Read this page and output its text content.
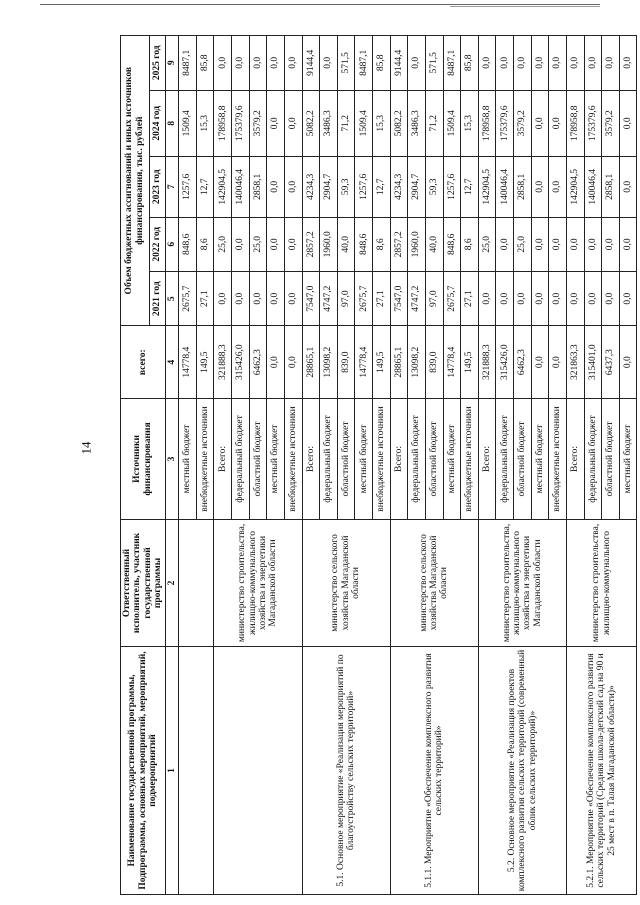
14
Наименование государственной программы, Подпрограммы, основных мероприятий, мероприятий, подмероприятий	Ответственный исполнитель, участник государственной программы	Источники финансирования	всего:	Объем бюджетных ассигнований и иных источников финансирования, тыс. рублей				
				2021 год	2022 год	2023 год	2024 год	2025 год
1	2	3	4	5	6	7	8	9
		местный бюджет	14778,4	2675,7	848,6	1257,6	1509,4	8487,1
		внебюджетные источники	149,5	27,1	8,6	12,7	15,3	85,8
	министерство строительства, жилищно-коммунального хозяйства и энергетики Магаданской области	Всего:	321888,3	0,0	25,0	142904,5	178958,8	0,0
		федеральный бюджет	315426,0	0,0	0,0	140046,4	175379,6	0,0
		областной бюджет	6462,3	0,0	25,0	2858,1	3579,2	0,0
		местный бюджет	0,0	0,0	0,0	0,0	0,0	0,0
		внебюджетные источники	0,0	0,0	0,0	0,0	0,0	0,0
5.1. Основное мероприятие «Реализация мероприятий по благоустройству сельских территорий»	министерство сельского хозяйства Магаданской области	Всего:	28865,1	7547,0	2857,2	4234,3	5082,2	9144,4
		федеральный бюджет	13098,2	4747,2	1960,0	2904,7	3486,3	0,0
		областной бюджет	839,0	97,0	40,0	59,3	71,2	571,5
		местный бюджет	14778,4	2675,7	848,6	1257,6	1509,4	8487,1
		внебюджетные источники	149,5	27,1	8,6	12,7	15,3	85,8
5.1.1. Мероприятие «Обеспечение комплексного развития сельских территорий»	министерство сельского хозяйства Магаданской области	Всего:	28865,1	7547,0	2857,2	4234,3	5082,2	9144,4
		федеральный бюджет	13098,2	4747,2	1960,0	2904,7	3486,3	0,0
		областной бюджет	839,0	97,0	40,0	59,3	71,2	571,5
		местный бюджет	14778,4	2675,7	848,6	1257,6	1509,4	8487,1
		внебюджетные источники	149,5	27,1	8,6	12,7	15,3	85,8
5.2. Основное мероприятие «Реализация проектов комплексного развития сельских территорий (современный облик сельских территорий)»	министерство строительства, жилищно-коммунального хозяйства и энергетики Магаданской области	Всего:	321888,3	0,0	25,0	142904,5	178958,8	0,0
		федеральный бюджет	315426,0	0,0	0,0	140046,4	175379,6	0,0
		областной бюджет	6462,3	0,0	25,0	2858,1	3579,2	0,0
		местный бюджет	0,0	0,0	0,0	0,0	0,0	0,0
		внебюджетные источники	0,0	0,0	0,0	0,0	0,0	0,0
5.2.1. Мероприятие «Обеспечение комплексного развития сельских территорий (Средняя школа-детский сад на 90 и 25 мест в п. Талая Магаданской области)»	министерство строительства, жилищно-коммунального	Всего:	321863,3	0,0	0,0	142904,5	178958,8	0,0
		федеральный бюджет	315401,0	0,0	0,0	140046,4	175379,6	0,0
		областной бюджет	6437,3	0,0	0,0	2858,1	3579,2	0,0
		местный бюджет	0,0	0,0	0,0	0,0	0,0	0,0
